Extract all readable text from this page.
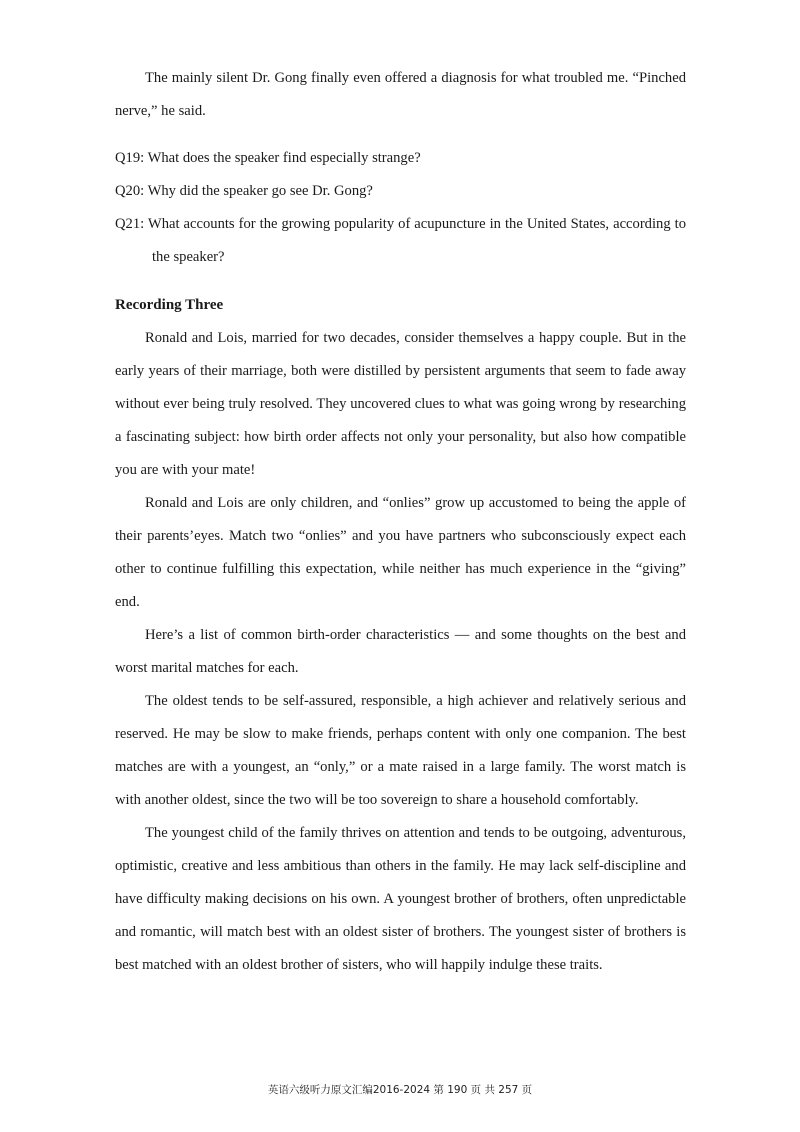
The mainly silent Dr. Gong finally even offered a diagnosis for what troubled me. “Pinched nerve,” he said.

Q19: What does the speaker find especially strange?

Q20: Why did the speaker go see Dr. Gong?

Q21: What accounts for the growing popularity of acupuncture in the United States, according to the speaker?

Recording Three

Ronald and Lois, married for two decades, consider themselves a happy couple. But in the early years of their marriage, both were distilled by persistent arguments that seem to fade away without ever being truly resolved. They uncovered clues to what was going wrong by researching a fascinating subject: how birth order affects not only your personality, but also how compatible you are with your mate!

Ronald and Lois are only children, and “onlies” grow up accustomed to being the apple of their parents’eyes. Match two “onlies” and you have partners who subconsciously expect each other to continue fulfilling this expectation, while neither has much experience in the “giving” end.

Here’s a list of common birth-order characteristics — and some thoughts on the best and worst marital matches for each.

The oldest tends to be self-assured, responsible, a high achiever and relatively serious and reserved. He may be slow to make friends, perhaps content with only one companion. The best matches are with a youngest, an “only,” or a mate raised in a large family. The worst match is with another oldest, since the two will be too sovereign to share a household comfortably.

The youngest child of the family thrives on attention and tends to be outgoing, adventurous, optimistic, creative and less ambitious than others in the family. He may lack self-discipline and have difficulty making decisions on his own. A youngest brother of brothers, often unpredictable and romantic, will match best with an oldest sister of brothers. The youngest sister of brothers is best matched with an oldest brother of sisters, who will happily indulge these traits.

英语六级听力原文汇编2016-2024 第 190 页 共 257 页
